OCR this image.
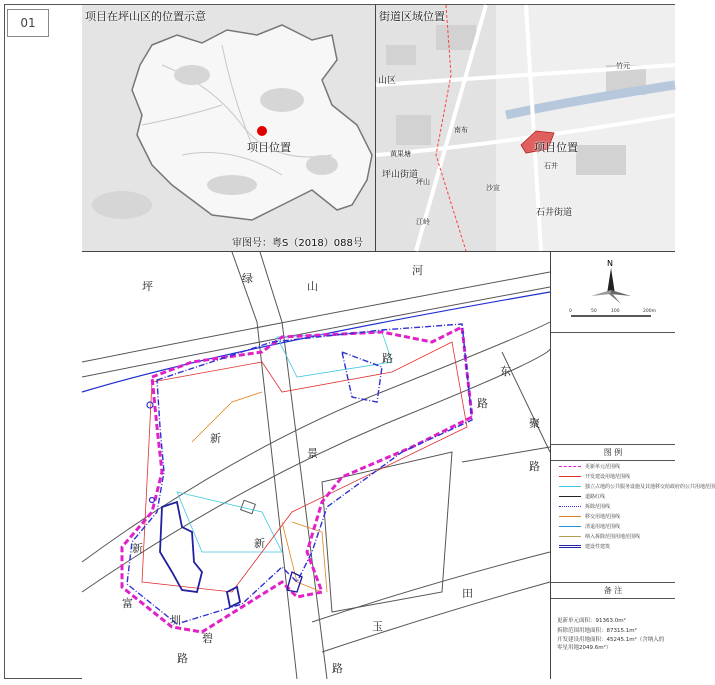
01	项目在坪山区的位置示意
项目位置
审图号：粤S（2018）088号
街道区域位置
山区
项目位置
坪山街道
石井街道
坪山
石井
黄果塘
沙宣
江岭
南布
竹元
坪
绿
山
河
路
东
路
聚
路
新
景
新
新
富
圳
碧
路
田
玉
路
N
0	50	100	200m
图 例
更新单元范围线
开发建设用地范围线
独立占地的公共服务设施及其他移交给政府的公共用地范围
道路红线
拆除范围线
移交用地范围线
清退用地范围线
纳入拆除范围用地范围线
建设性建筑
备 注
更新单元面积：91363.0m²
拆除范围用地面积：87315.1m²
开发建设用地面积：45245.1m²（含纳入的零星用地2049.6m²）
